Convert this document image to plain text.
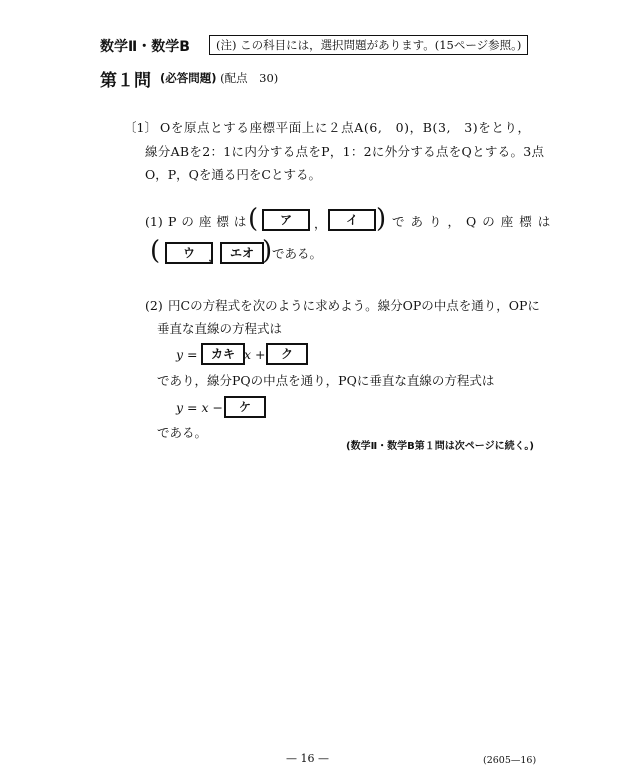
数学Ⅱ・数学B	(注) この科目には，選択問題があります。(15ページ参照。)
第１問 (必答問題) (配点　30)
〔1〕 Oを原点とする座標平面上に２点A(6,　0)，B(3,　3)をとり，
線分ABを2：1に内分する点をP，1：2に外分する点をQとする。3点
O，P，Qを通る円をCとする。
(1) Pの座標は
(	ア	，	イ ) であり，Qの座標は
(	ウ	， エオ ) である。
(2) 円Cの方程式を次のように求めよう。線分OPの中点を通り，OPに
垂直な直線の方程式は
y =	カキ x +	ク
であり，線分PQの中点を通り，PQに垂直な直線の方程式は
y = x −	ケ
である。
(数学Ⅱ・数学B第１問は次ページに続く。)
— 16 —	(2605—16)
